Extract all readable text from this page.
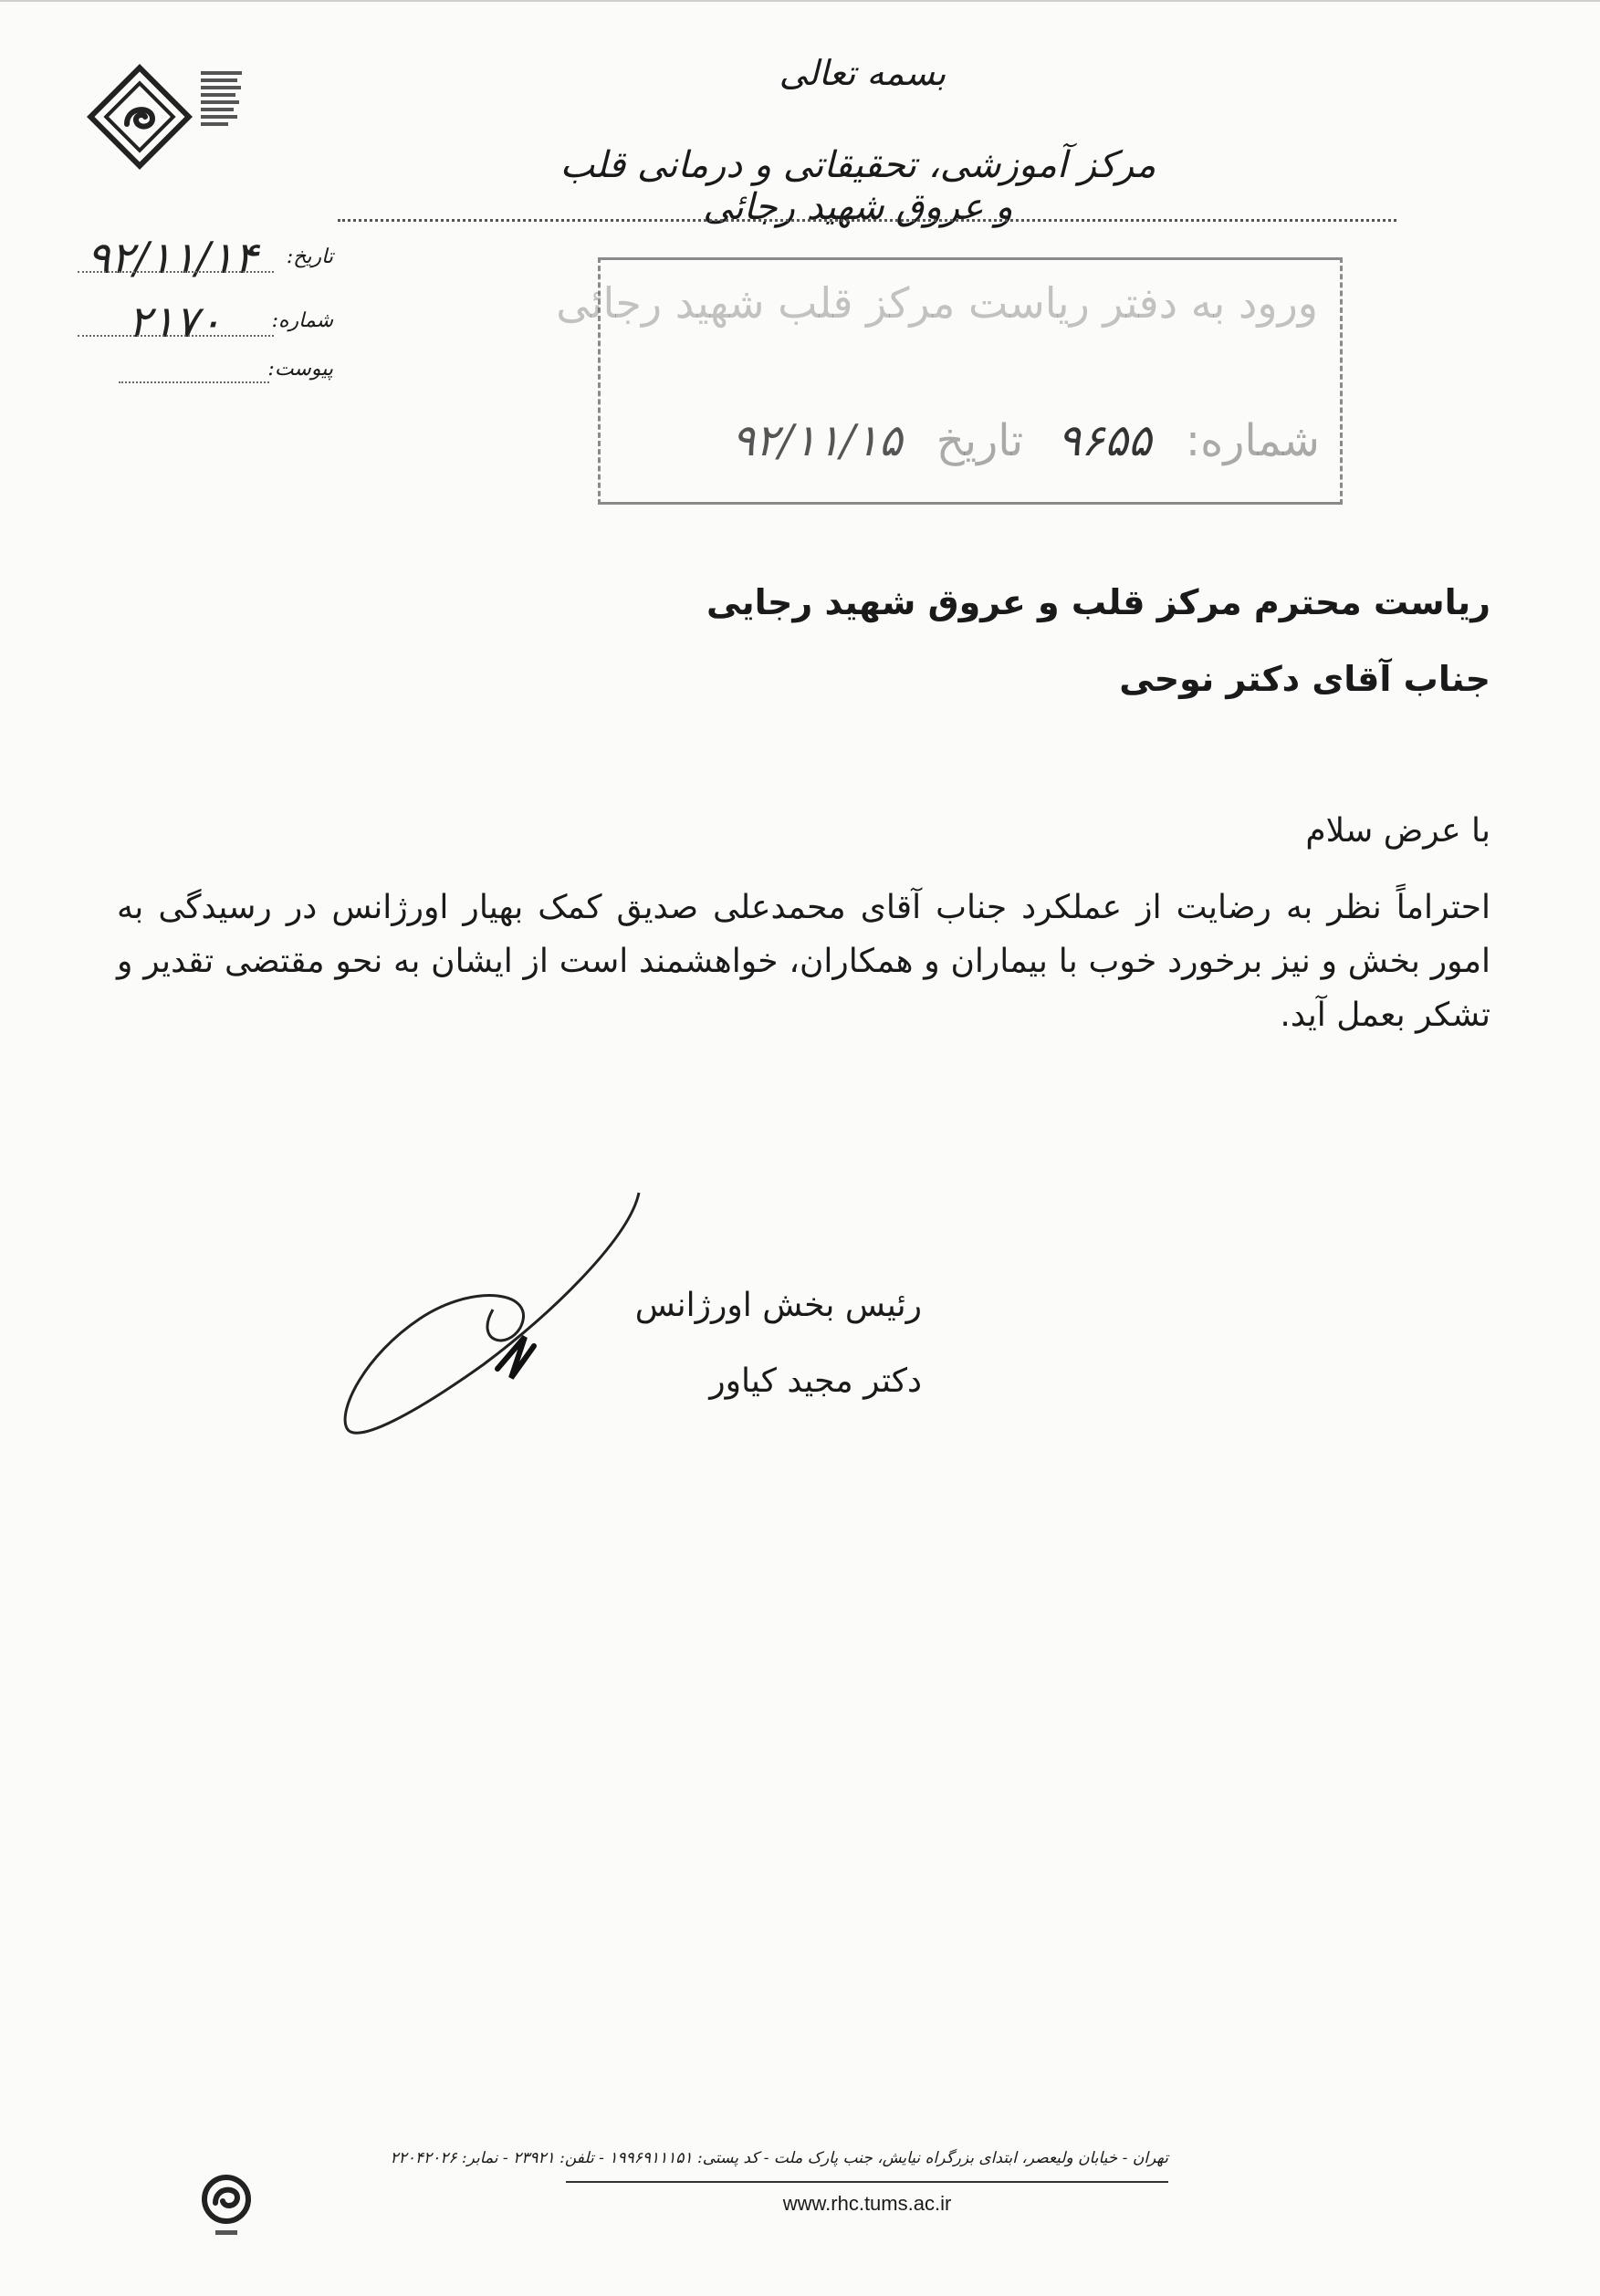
بسمه تعالی
مرکز آموزشی، تحقیقاتی و درمانی قلب و عروق شهید رجائی
۹۲/۱۱/۱۴ تاریخ:
۲۱۷۰ شماره:
پیوست:
ورود به دفتر ریاست مرکز قلب شهید رجائی
شماره: ۹۶۵۵ تاریخ ۹۲/۱۱/۱۵
ریاست محترم مرکز قلب و عروق شهید رجایی
جناب آقای دکتر نوحی
با عرض سلام
احتراماً نظر به رضایت از عملکرد جناب آقای محمدعلی صدیق کمک بهیار اورژانس در رسیدگی به امور بخش و نیز برخورد خوب با بیماران و همکاران، خواهشمند است از ایشان به نحو مقتضی تقدیر و تشکر بعمل آید.
رئیس بخش اورژانس
دکتر مجید کیاور
تهران - خیابان ولیعصر، ابتدای بزرگراه نیایش، جنب پارک ملت - کد پستی: ۱۹۹۶۹۱۱۱۵۱ - تلفن: ۲۳۹۲۱ - نمابر: ۲۲۰۴۲۰۲۶
www.rhc.tums.ac.ir
